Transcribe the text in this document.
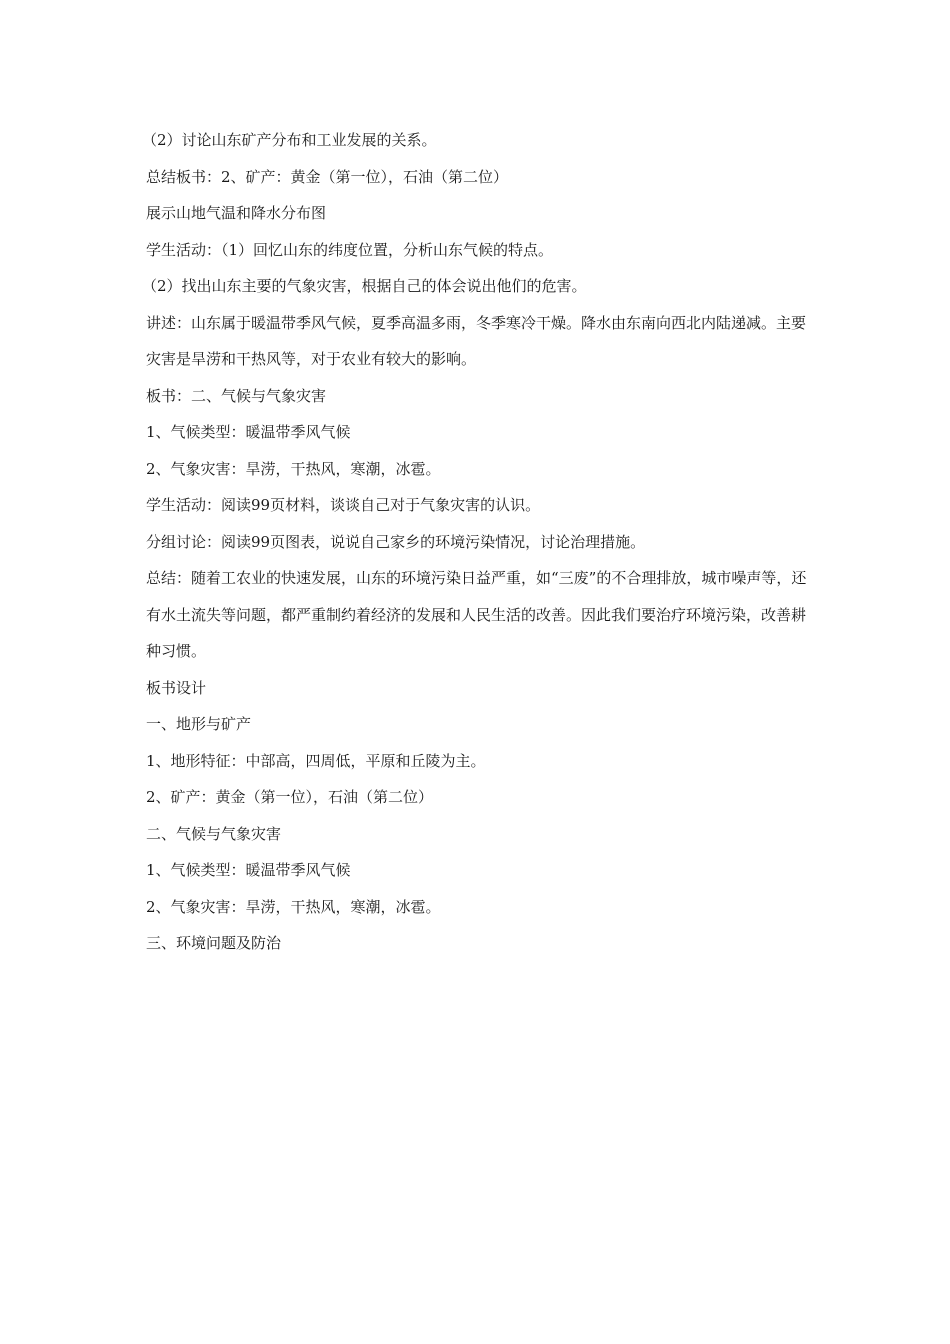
（2）讨论山东矿产分布和工业发展的关系。

总结板书：2、矿产：黄金（第一位），石油（第二位）

展示山地气温和降水分布图

学生活动：（1）回忆山东的纬度位置，分析山东气候的特点。

（2）找出山东主要的气象灾害，根据自己的体会说出他们的危害。

讲述：山东属于暖温带季风气候，夏季高温多雨，冬季寒冷干燥。降水由东南向西北内陆递减。主要灾害是旱涝和干热风等，对于农业有较大的影响。

板书：二、气候与气象灾害

1、气候类型：暖温带季风气候

2、气象灾害：旱涝，干热风，寒潮，冰雹。

学生活动：阅读99页材料，谈谈自己对于气象灾害的认识。

分组讨论：阅读99页图表，说说自己家乡的环境污染情况，讨论治理措施。

总结：随着工农业的快速发展，山东的环境污染日益严重，如“三废”的不合理排放，城市噪声等，还有水土流失等问题，都严重制约着经济的发展和人民生活的改善。因此我们要治疗环境污染，改善耕种习惯。

板书设计

一、地形与矿产

1、地形特征：中部高，四周低，平原和丘陵为主。

2、矿产：黄金（第一位），石油（第二位）

二、气候与气象灾害

1、气候类型：暖温带季风气候

2、气象灾害：旱涝，干热风，寒潮，冰雹。

三、环境问题及防治
